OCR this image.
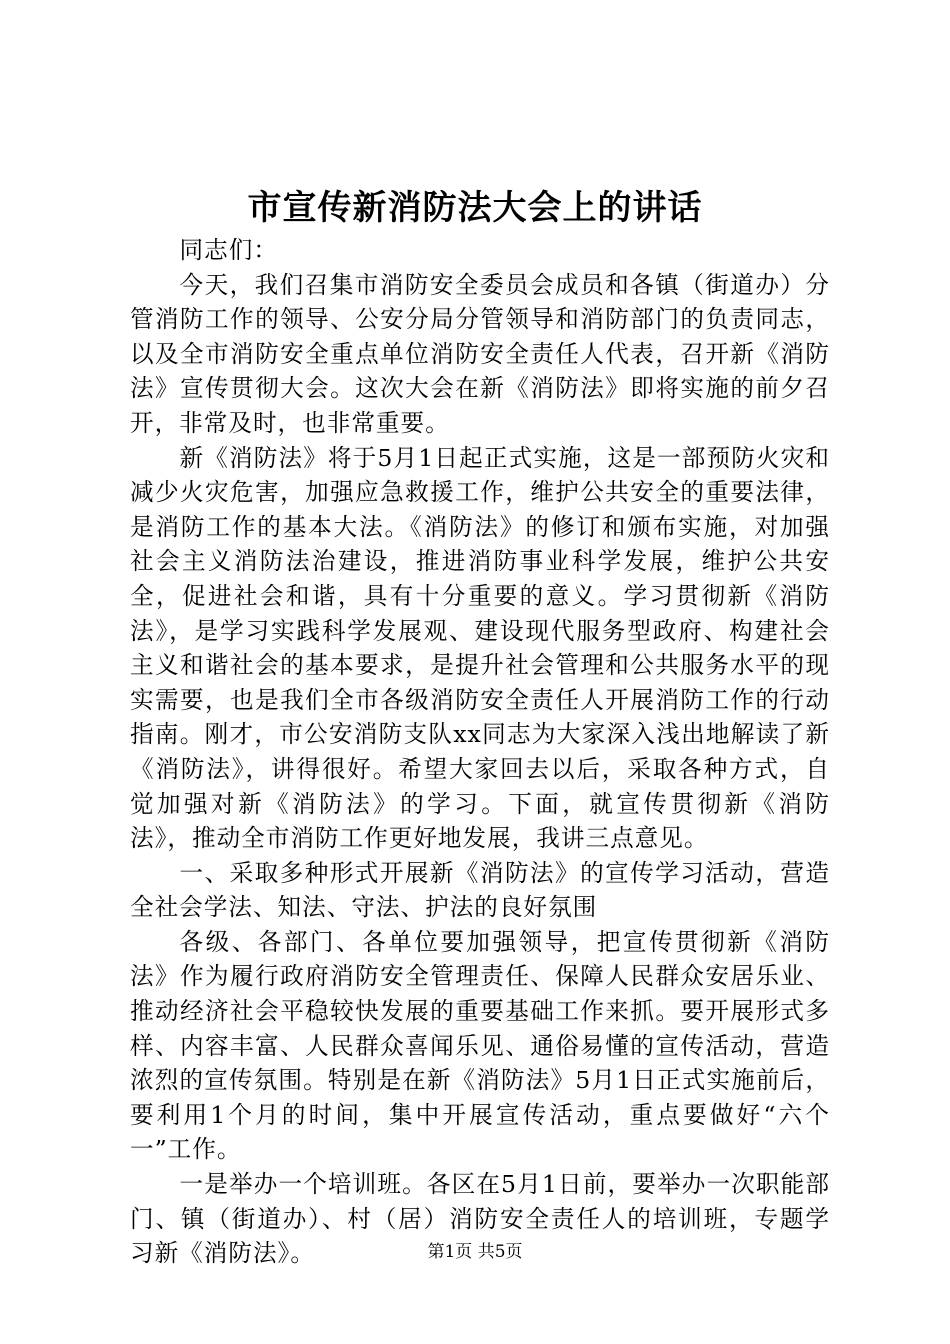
市宣传新消防法大会上的讲话

同志们：

今天，我们召集市消防安全委员会成员和各镇（街道办）分管消防工作的领导、公安分局分管领导和消防部门的负责同志，以及全市消防安全重点单位消防安全责任人代表，召开新《消防法》宣传贯彻大会。这次大会在新《消防法》即将实施的前夕召开，非常及时，也非常重要。

新《消防法》将于5月1日起正式实施，这是一部预防火灾和减少火灾危害，加强应急救援工作，维护公共安全的重要法律，是消防工作的基本大法。《消防法》的修订和颁布实施，对加强社会主义消防法治建设，推进消防事业科学发展，维护公共安全，促进社会和谐，具有十分重要的意义。学习贯彻新《消防法》，是学习实践科学发展观、建设现代服务型政府、构建社会主义和谐社会的基本要求，是提升社会管理和公共服务水平的现实需要，也是我们全市各级消防安全责任人开展消防工作的行动指南。刚才，市公安消防支队xx同志为大家深入浅出地解读了新《消防法》，讲得很好。希望大家回去以后，采取各种方式，自觉加强对新《消防法》的学习。下面，就宣传贯彻新《消防法》，推动全市消防工作更好地发展，我讲三点意见。

一、采取多种形式开展新《消防法》的宣传学习活动，营造全社会学法、知法、守法、护法的良好氛围

各级、各部门、各单位要加强领导，把宣传贯彻新《消防法》作为履行政府消防安全管理责任、保障人民群众安居乐业、推动经济社会平稳较快发展的重要基础工作来抓。要开展形式多样、内容丰富、人民群众喜闻乐见、通俗易懂的宣传活动，营造浓烈的宣传氛围。特别是在新《消防法》5月1日正式实施前后，要利用1个月的时间，集中开展宣传活动，重点要做好“六个一”工作。

一是举办一个培训班。各区在5月1日前，要举办一次职能部门、镇（街道办）、村（居）消防安全责任人的培训班，专题学习新《消防法》。	第1页 共5页
